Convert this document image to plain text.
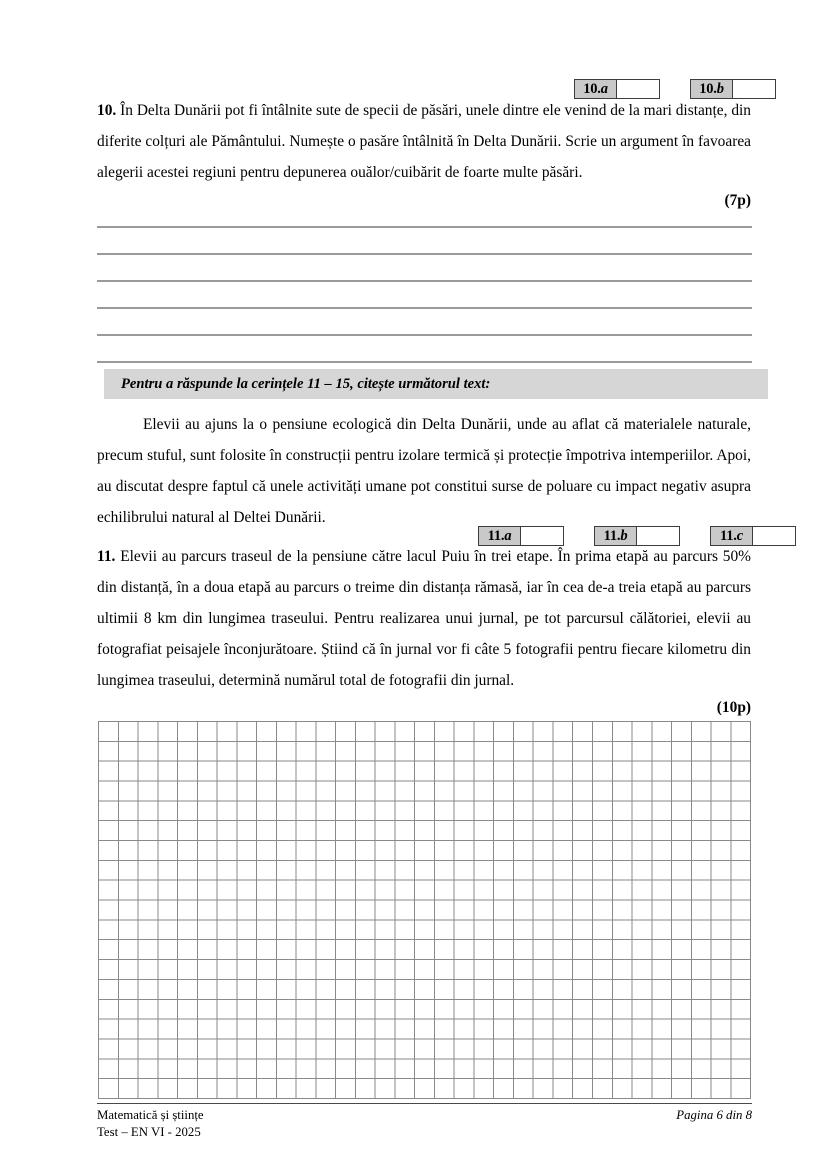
10.a	10.b
10. În Delta Dunării pot fi întâlnite sute de specii de păsări, unele dintre ele venind de la mari distanțe, din diferite colțuri ale Pământului. Numește o pasăre întâlnită în Delta Dunării. Scrie un argument în favoarea alegerii acestei regiuni pentru depunerea ouălor/cuibărit de foarte multe păsări.
(7p)
Pentru a răspunde la cerințele 11 – 15, citește următorul text:
Elevii au ajuns la o pensiune ecologică din Delta Dunării, unde au aflat că materialele naturale, precum stuful, sunt folosite în construcții pentru izolare termică și protecție împotriva intemperiilor. Apoi, au discutat despre faptul că unele activități umane pot constitui surse de poluare cu impact negativ asupra echilibrului natural al Deltei Dunării.
11.a	11.b	11.c
11. Elevii au parcurs traseul de la pensiune către lacul Puiu în trei etape. În prima etapă au parcurs 50% din distanță, în a doua etapă au parcurs o treime din distanța rămasă, iar în cea de-a treia etapă au parcurs ultimii 8 km din lungimea traseului. Pentru realizarea unui jurnal, pe tot parcursul călătoriei, elevii au fotografiat peisajele înconjurătoare. Știind că în jurnal vor fi câte 5 fotografii pentru fiecare kilometru din lungimea traseului, determină numărul total de fotografii din jurnal.
(10p)
Matematică și științe	Pagina 6 din 8
Test – EN VI - 2025
